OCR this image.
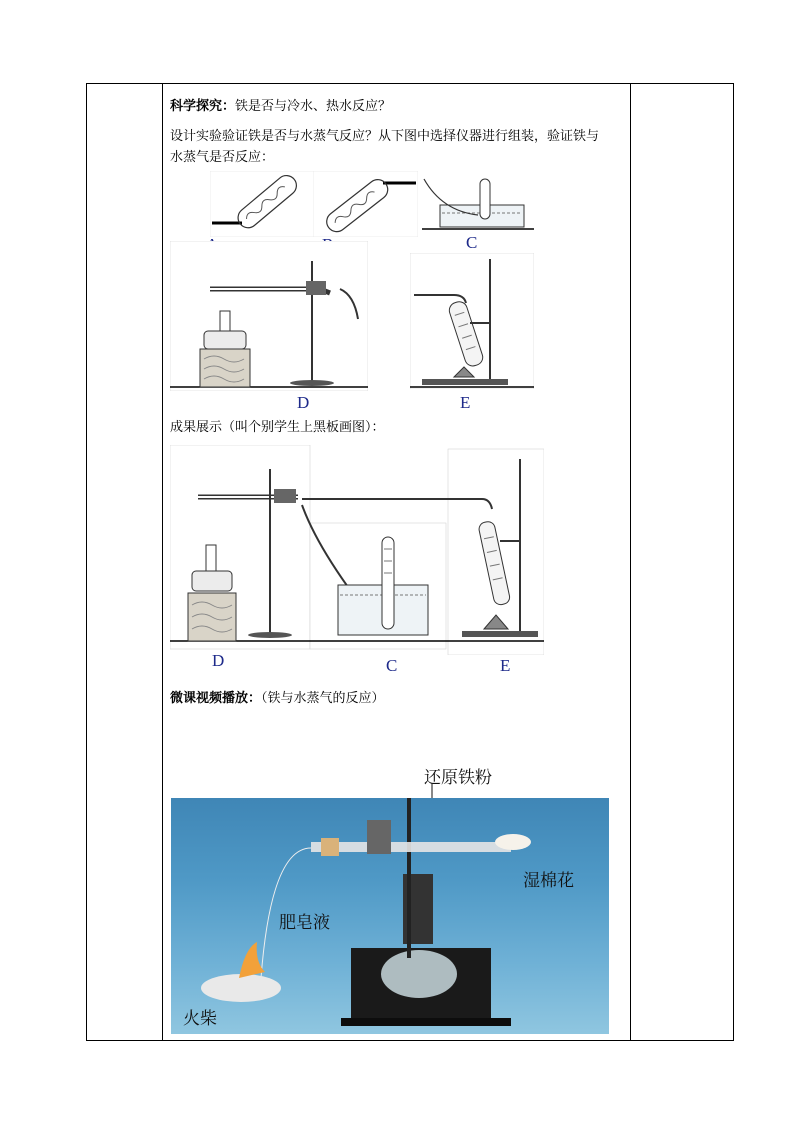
科学探究：铁是否与冷水、热水反应？
设计实验验证铁是否与水蒸气反应？从下图中选择仪器进行组装，验证铁与
水蒸气是否反应：
C
D	E
成果展示（叫个别学生上黑板画图）：
D	C	E
微课视频播放：（铁与水蒸气的反应）
还原铁粉
湿棉花
肥皂液
火柴
